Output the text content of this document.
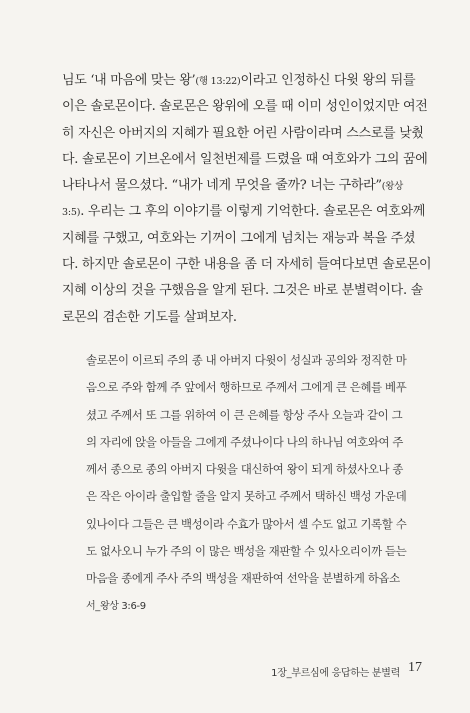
님도 ‘내 마음에 맞는 왕’(행 13:22)이라고 인정하신 다윗 왕의 뒤를
이은 솔로몬이다. 솔로몬은 왕위에 오를 때 이미 성인이었지만 여전
히 자신은 아버지의 지혜가 필요한 어린 사람이라며 스스로를 낮췄
다. 솔로몬이 기브온에서 일천번제를 드렸을 때 여호와가 그의 꿈에
나타나서 물으셨다. “내가 네게 무엇을 줄까? 너는 구하라”(왕상
3:5). 우리는 그 후의 이야기를 이렇게 기억한다. 솔로몬은 여호와께
지혜를 구했고, 여호와는 기꺼이 그에게 넘치는 재능과 복을 주셨
다. 하지만 솔로몬이 구한 내용을 좀 더 자세히 들여다보면 솔로몬이
지혜 이상의 것을 구했음을 알게 된다. 그것은 바로 분별력이다. 솔
로몬의 겸손한 기도를 살펴보자.
솔로몬이 이르되 주의 종 내 아버지 다윗이 성실과 공의와 정직한 마
음으로 주와 함께 주 앞에서 행하므로 주께서 그에게 큰 은혜를 베푸
셨고 주께서 또 그를 위하여 이 큰 은혜를 항상 주사 오늘과 같이 그
의 자리에 앉을 아들을 그에게 주셨나이다 나의 하나님 여호와여 주
께서 종으로 종의 아버지 다윗을 대신하여 왕이 되게 하셨사오나 종
은 작은 아이라 출입할 줄을 알지 못하고 주께서 택하신 백성 가운데
있나이다 그들은 큰 백성이라 수효가 많아서 셀 수도 없고 기록할 수
도 없사오니 누가 주의 이 많은 백성을 재판할 수 있사오리이까 듣는
마음을 종에게 주사 주의 백성을 재판하여 선악을 분별하게 하옵소
서_왕상 3:6-9
1장_부르심에 응답하는 분별력 17
